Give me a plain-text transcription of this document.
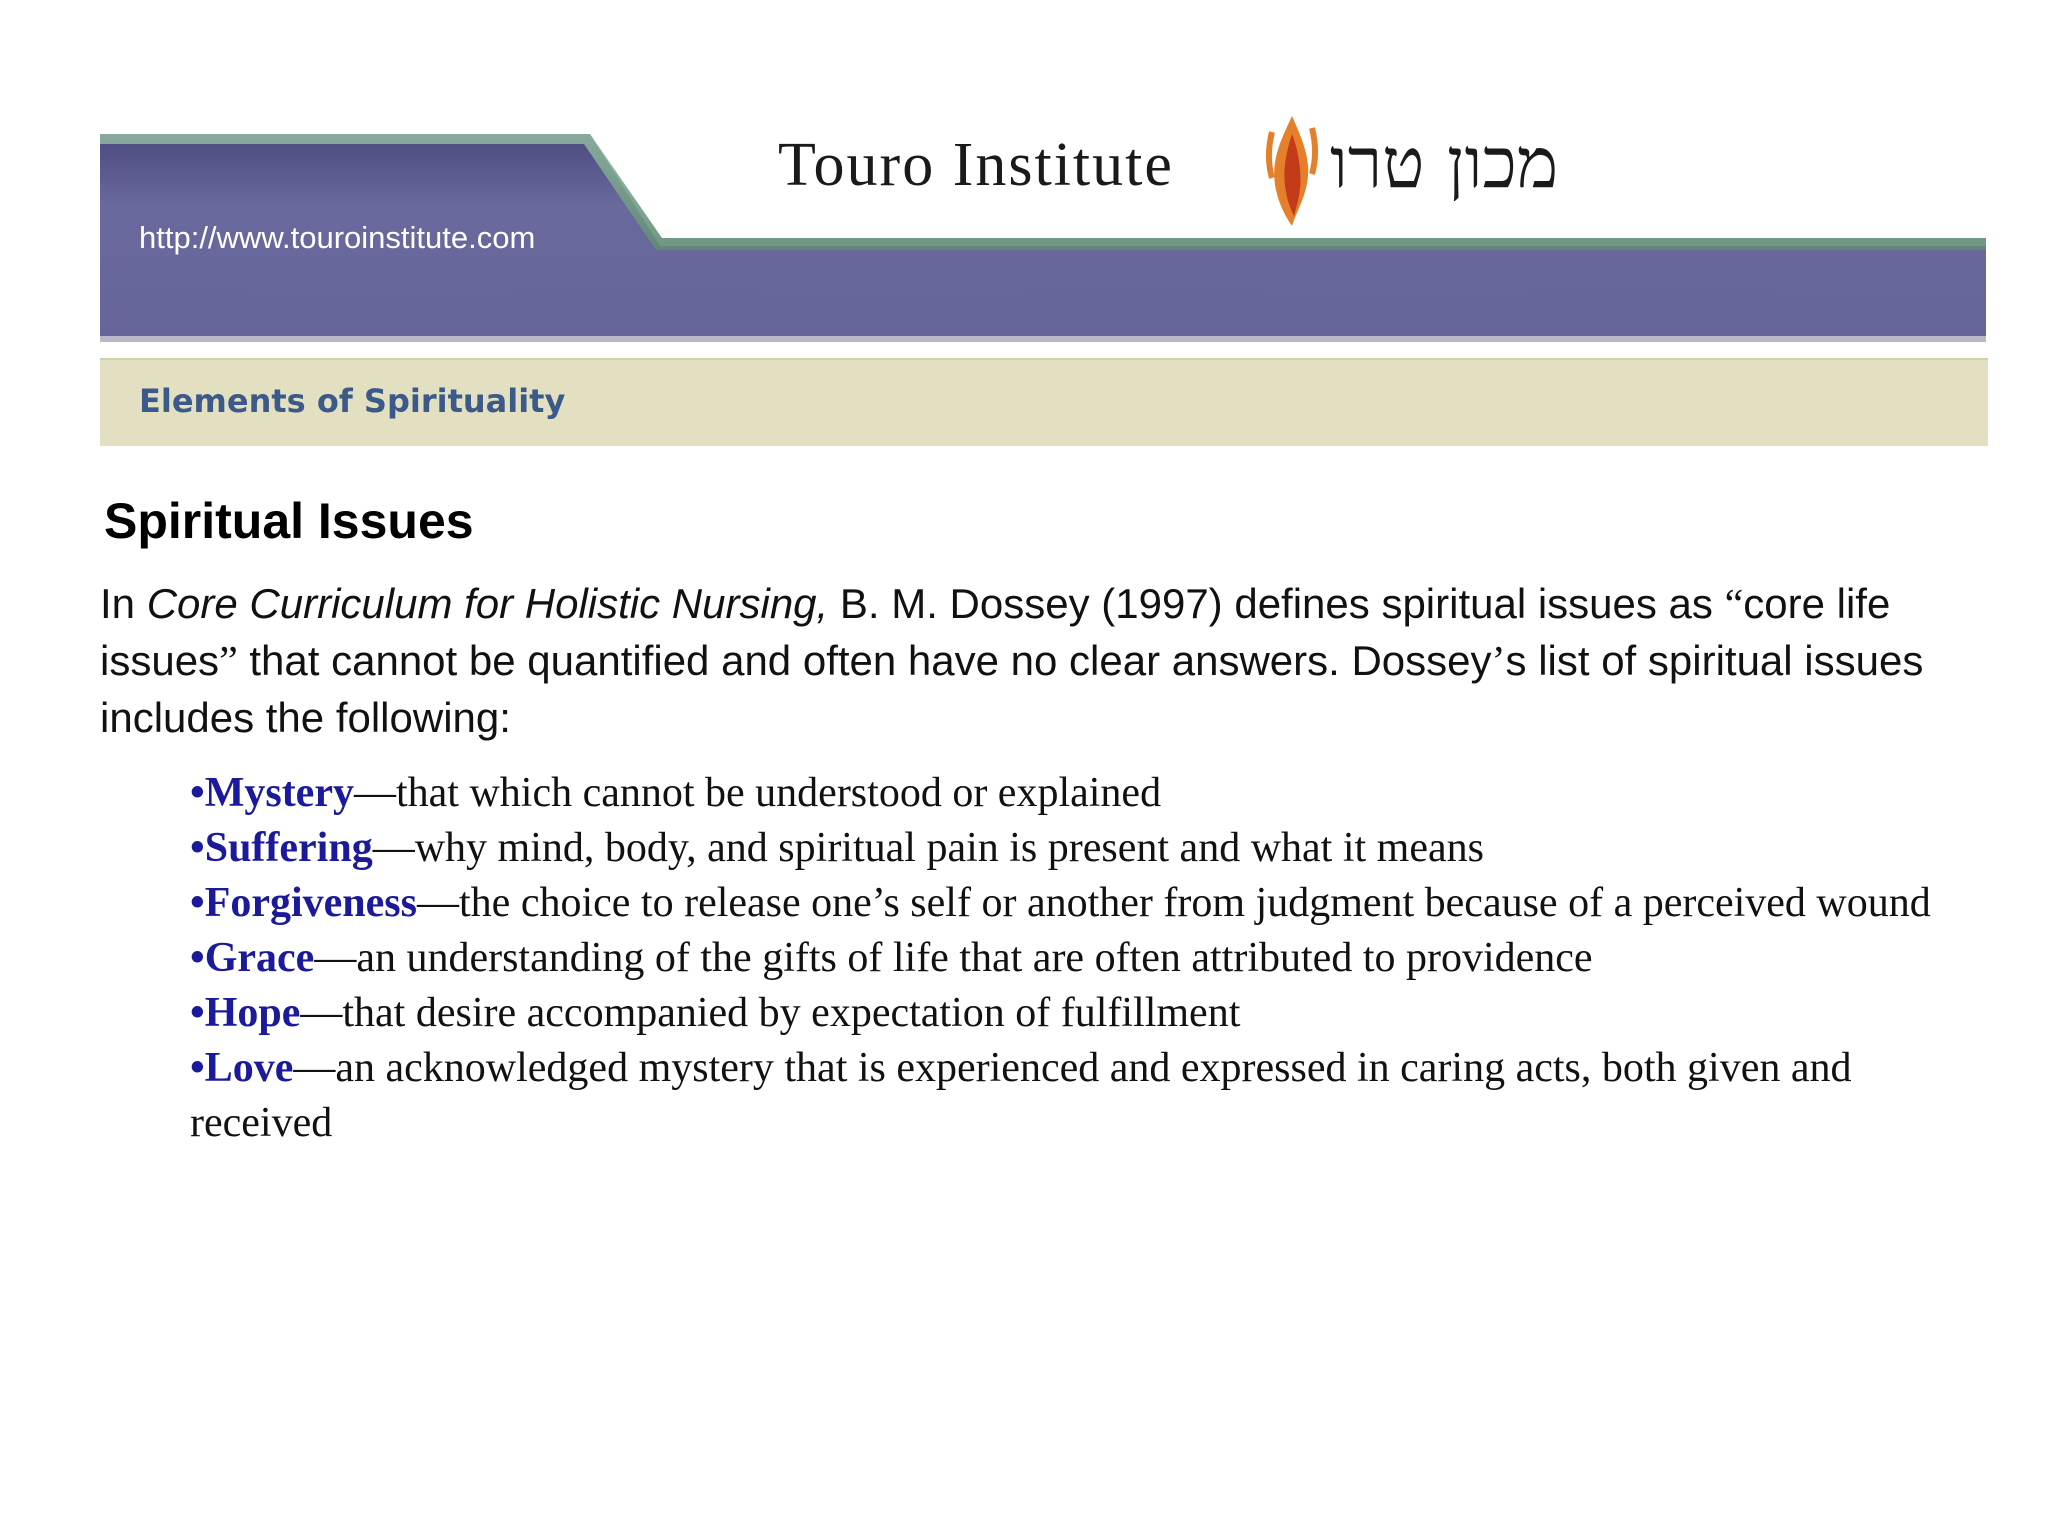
http://www.touroinstitute.com
Touro Institute מכון טרו
Elements of Spirituality
Spiritual Issues

In Core Curriculum for Holistic Nursing, B. M. Dossey (1997) defines spiritual issues as “core life issues” that cannot be quantified and often have no clear answers. Dossey’s list of spiritual issues includes the following:

•Mystery—that which cannot be understood or explained
•Suffering—why mind, body, and spiritual pain is present and what it means
•Forgiveness—the choice to release one’s self or another from judgment because of a perceived wound
•Grace—an understanding of the gifts of life that are often attributed to providence
•Hope—that desire accompanied by expectation of fulfillment
•Love—an acknowledged mystery that is experienced and expressed in caring acts, both given and received
